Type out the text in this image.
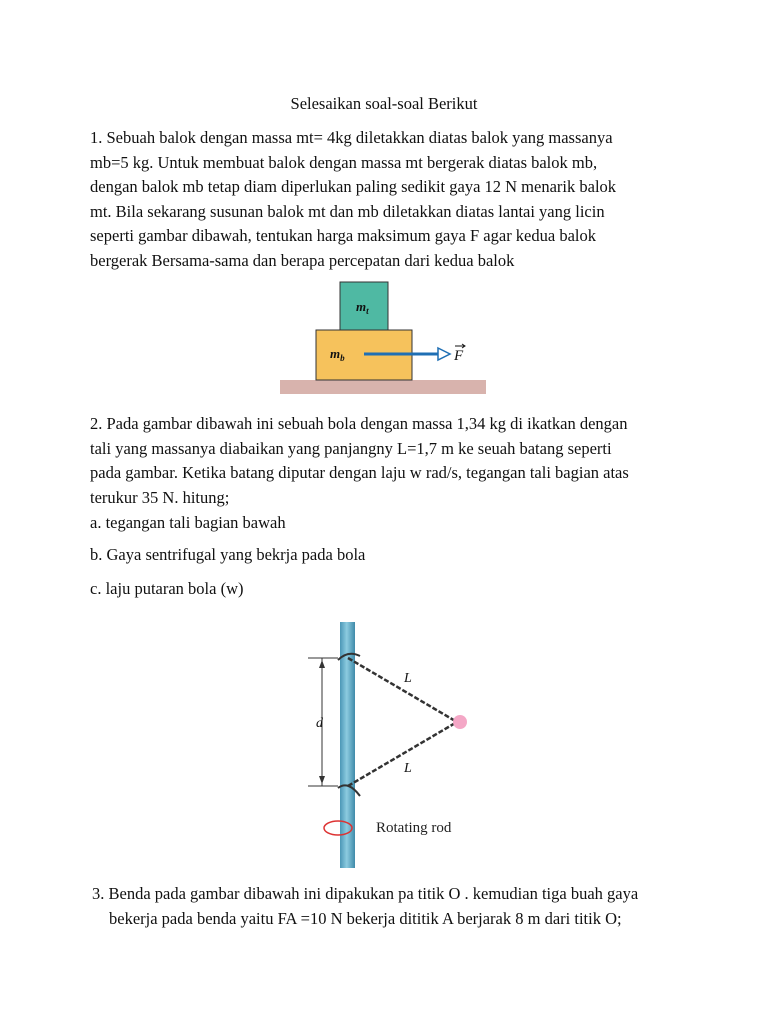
Selesaikan soal-soal Berikut
1. Sebuah balok dengan massa mt= 4kg diletakkan diatas balok yang massanya
mb=5 kg. Untuk membuat balok dengan massa mt bergerak diatas balok mb,
dengan balok mb tetap diam diperlukan paling sedikit gaya 12 N menarik balok
mt. Bila sekarang susunan balok mt dan mb diletakkan diatas lantai yang licin
seperti gambar dibawah, tentukan harga maksimum gaya F agar kedua balok
bergerak Bersama-sama dan berapa percepatan dari kedua balok
$m_t$
$m_b$	F
2. Pada gambar dibawah ini sebuah bola dengan massa 1,34 kg di ikatkan dengan
tali yang massanya diabaikan yang panjangny L=1,7 m ke seuah batang seperti
pada gambar. Ketika batang diputar dengan laju w rad/s, tegangan tali bagian atas
terukur 35 N. hitung;
a. tegangan tali bagian bawah
b. Gaya sentrifugal yang bekrja pada bola
c. laju putaran bola (w)
d
L
L
Rotating rod
3. Benda pada gambar dibawah ini dipakukan pa titik O . kemudian tiga buah gaya
bekerja pada benda yaitu FA =10 N bekerja dititik A berjarak 8 m dari titik O;
